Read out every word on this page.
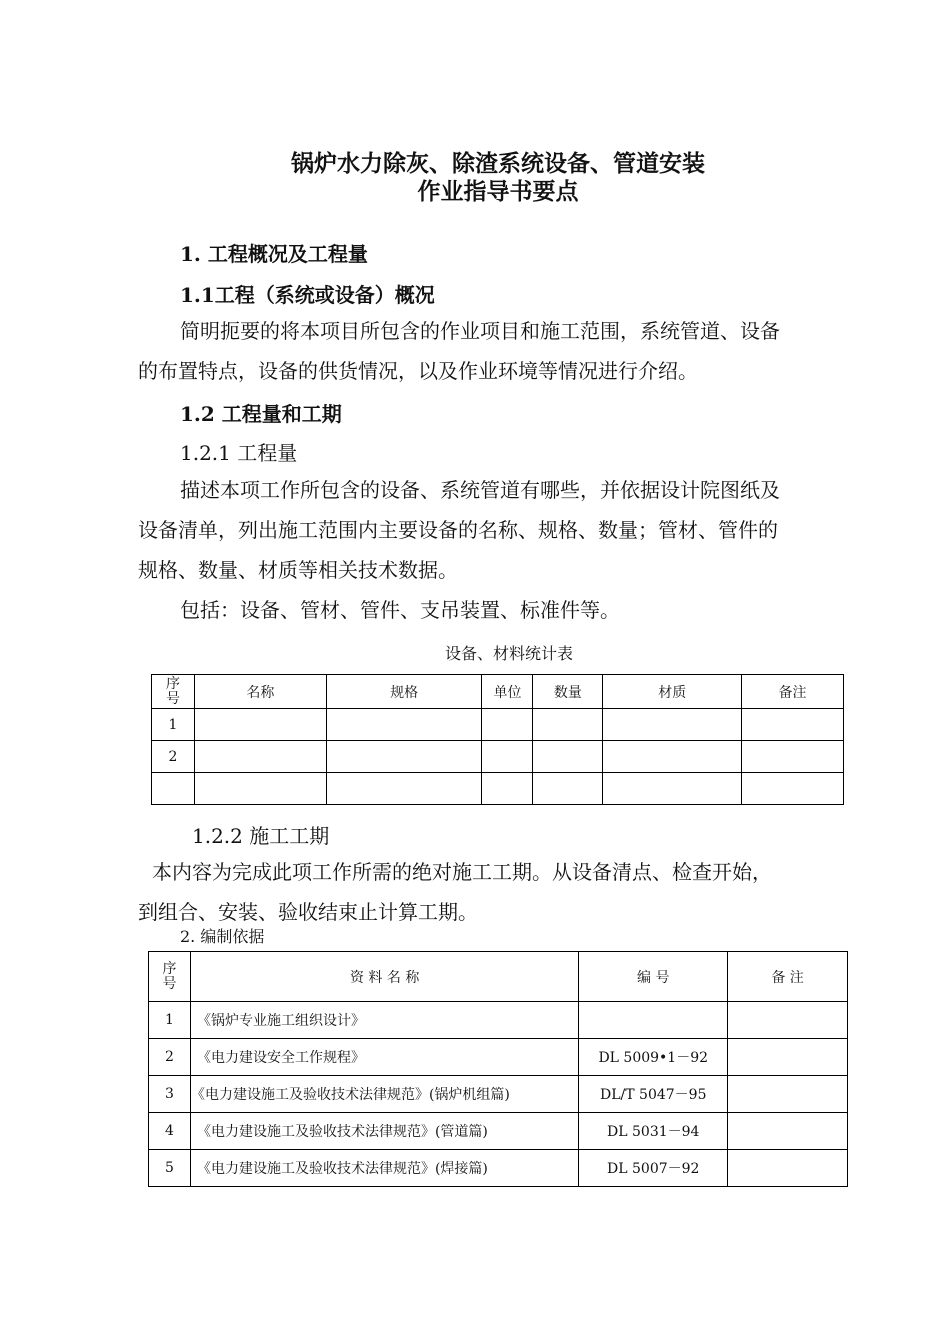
锅炉水力除灰、除渣系统设备、管道安装
作业指导书要点
1. 工程概况及工程量
1.1工程（系统或设备）概况
简明扼要的将本项目所包含的作业项目和施工范围，系统管道、设备
的布置特点，设备的供货情况，以及作业环境等情况进行介绍。
1.2 工程量和工期
1.2.1 工程量
描述本项工作所包含的设备、系统管道有哪些，并依据设计院图纸及
设备清单，列出施工范围内主要设备的名称、规格、数量；管材、管件的
规格、数量、材质等相关技术数据。
包括：设备、管材、管件、支吊装置、标准件等。
设备、材料统计表
序
号	名称	规格	单位	数量	材质	备注
1						
2						

1.2.2 施工工期
本内容为完成此项工作所需的绝对施工工期。从设备清点、检查开始，
到组合、安装、验收结束止计算工期。
2. 编制依据
序
号	资 料 名 称	编 号	备 注
1	《锅炉专业施工组织设计》		
2	《电力建设安全工作规程》	DL 5009•1－92	
3	《电力建设施工及验收技术法律规范》(锅炉机组篇)	DL/T 5047－95	
4	《电力建设施工及验收技术法律规范》(管道篇)	DL 5031－94	
5	《电力建设施工及验收技术法律规范》(焊接篇)	DL 5007－92	
